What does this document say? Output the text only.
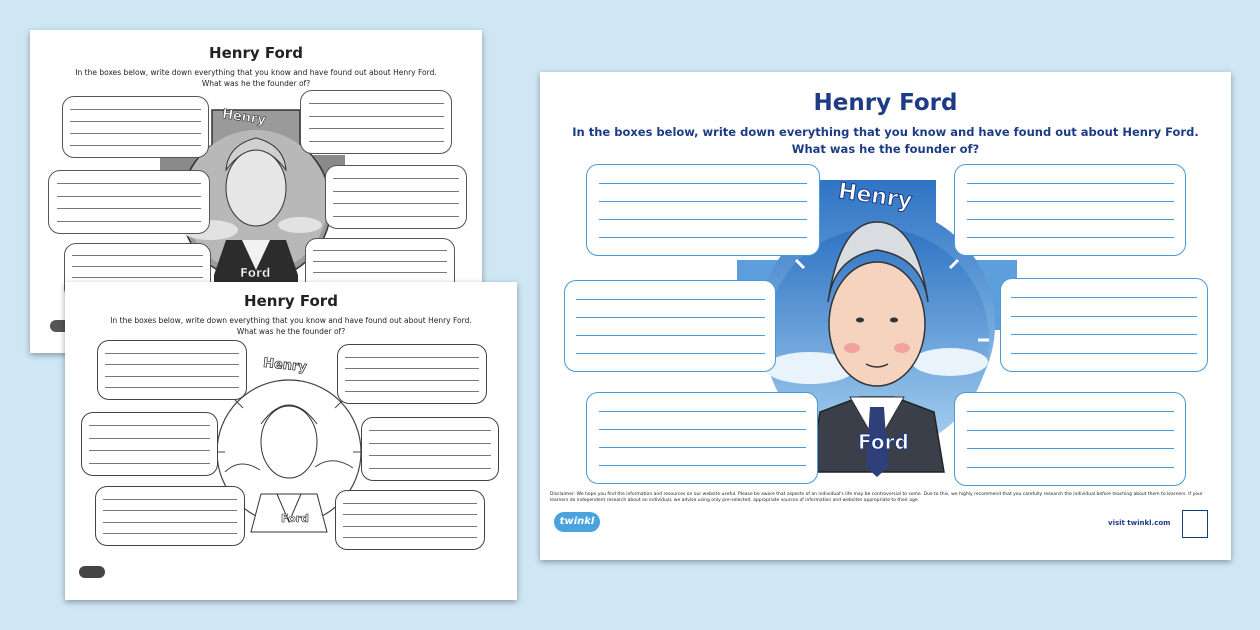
Henry Ford
In the boxes below, write down everything that you know and have found out about Henry Ford.
What was he the founder of?
Henry
Ford
Henry Ford
In the boxes below, write down everything that you know and have found out about Henry Ford.
What was he the founder of?
Henry
Ford
Henry Ford
In the boxes below, write down everything that you know and have found out about Henry Ford.
What was he the founder of?
Henry
Ford
Disclaimer: We hope you find the information and resources on our website useful. Please be aware that aspects of an individual's life may be controversial to some. Due to this, we highly recommend that you carefully research the individual before teaching about them to learners. If your learners do independent research about an individual, we advise using only pre-selected, appropriate sources of information and websites appropriate to their age.
twinkl	visit twinkl.com
